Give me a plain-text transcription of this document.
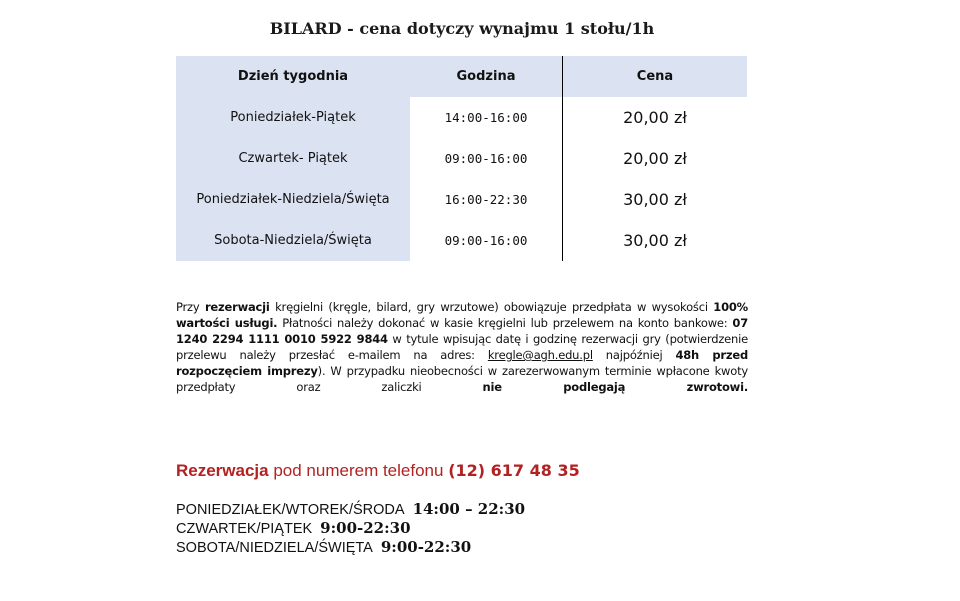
BILARD - cena dotyczy wynajmu 1 stołu/1h
Dzień tygodnia	Godzina	Cena
Poniedziałek-Piątek	14:00-16:00	20,00 zł
Czwartek- Piątek	09:00-16:00	20,00 zł
Poniedziałek-Niedziela/Święta	16:00-22:30	30,00 zł
Sobota-Niedziela/Święta	09:00-16:00	30,00 zł
Przy rezerwacji kręgielni (kręgle, bilard, gry wrzutowe) obowiązuje przedpłata w wysokości 100% wartości usługi. Płatności należy dokonać w kasie kręgielni lub przelewem na konto bankowe: 07 1240 2294 1111 0010 5922 9844 w tytule wpisując datę i godzinę rezerwacji gry (potwierdzenie przelewu należy przesłać e-mailem na adres: kregle@agh.edu.pl najpóźniej 48h przed rozpoczęciem imprezy). W przypadku nieobecności w zarezerwowanym terminie wpłacone kwoty przedpłaty oraz zaliczki nie podlegają zwrotowi.
Rezerwacja pod numerem telefonu (12) 617 48 35
PONIEDZIAŁEK/WTOREK/ŚRODA 14:00 – 22:30
CZWARTEK/PIĄTEK 9:00-22:30
SOBOTA/NIEDZIELA/ŚWIĘTA 9:00-22:30
